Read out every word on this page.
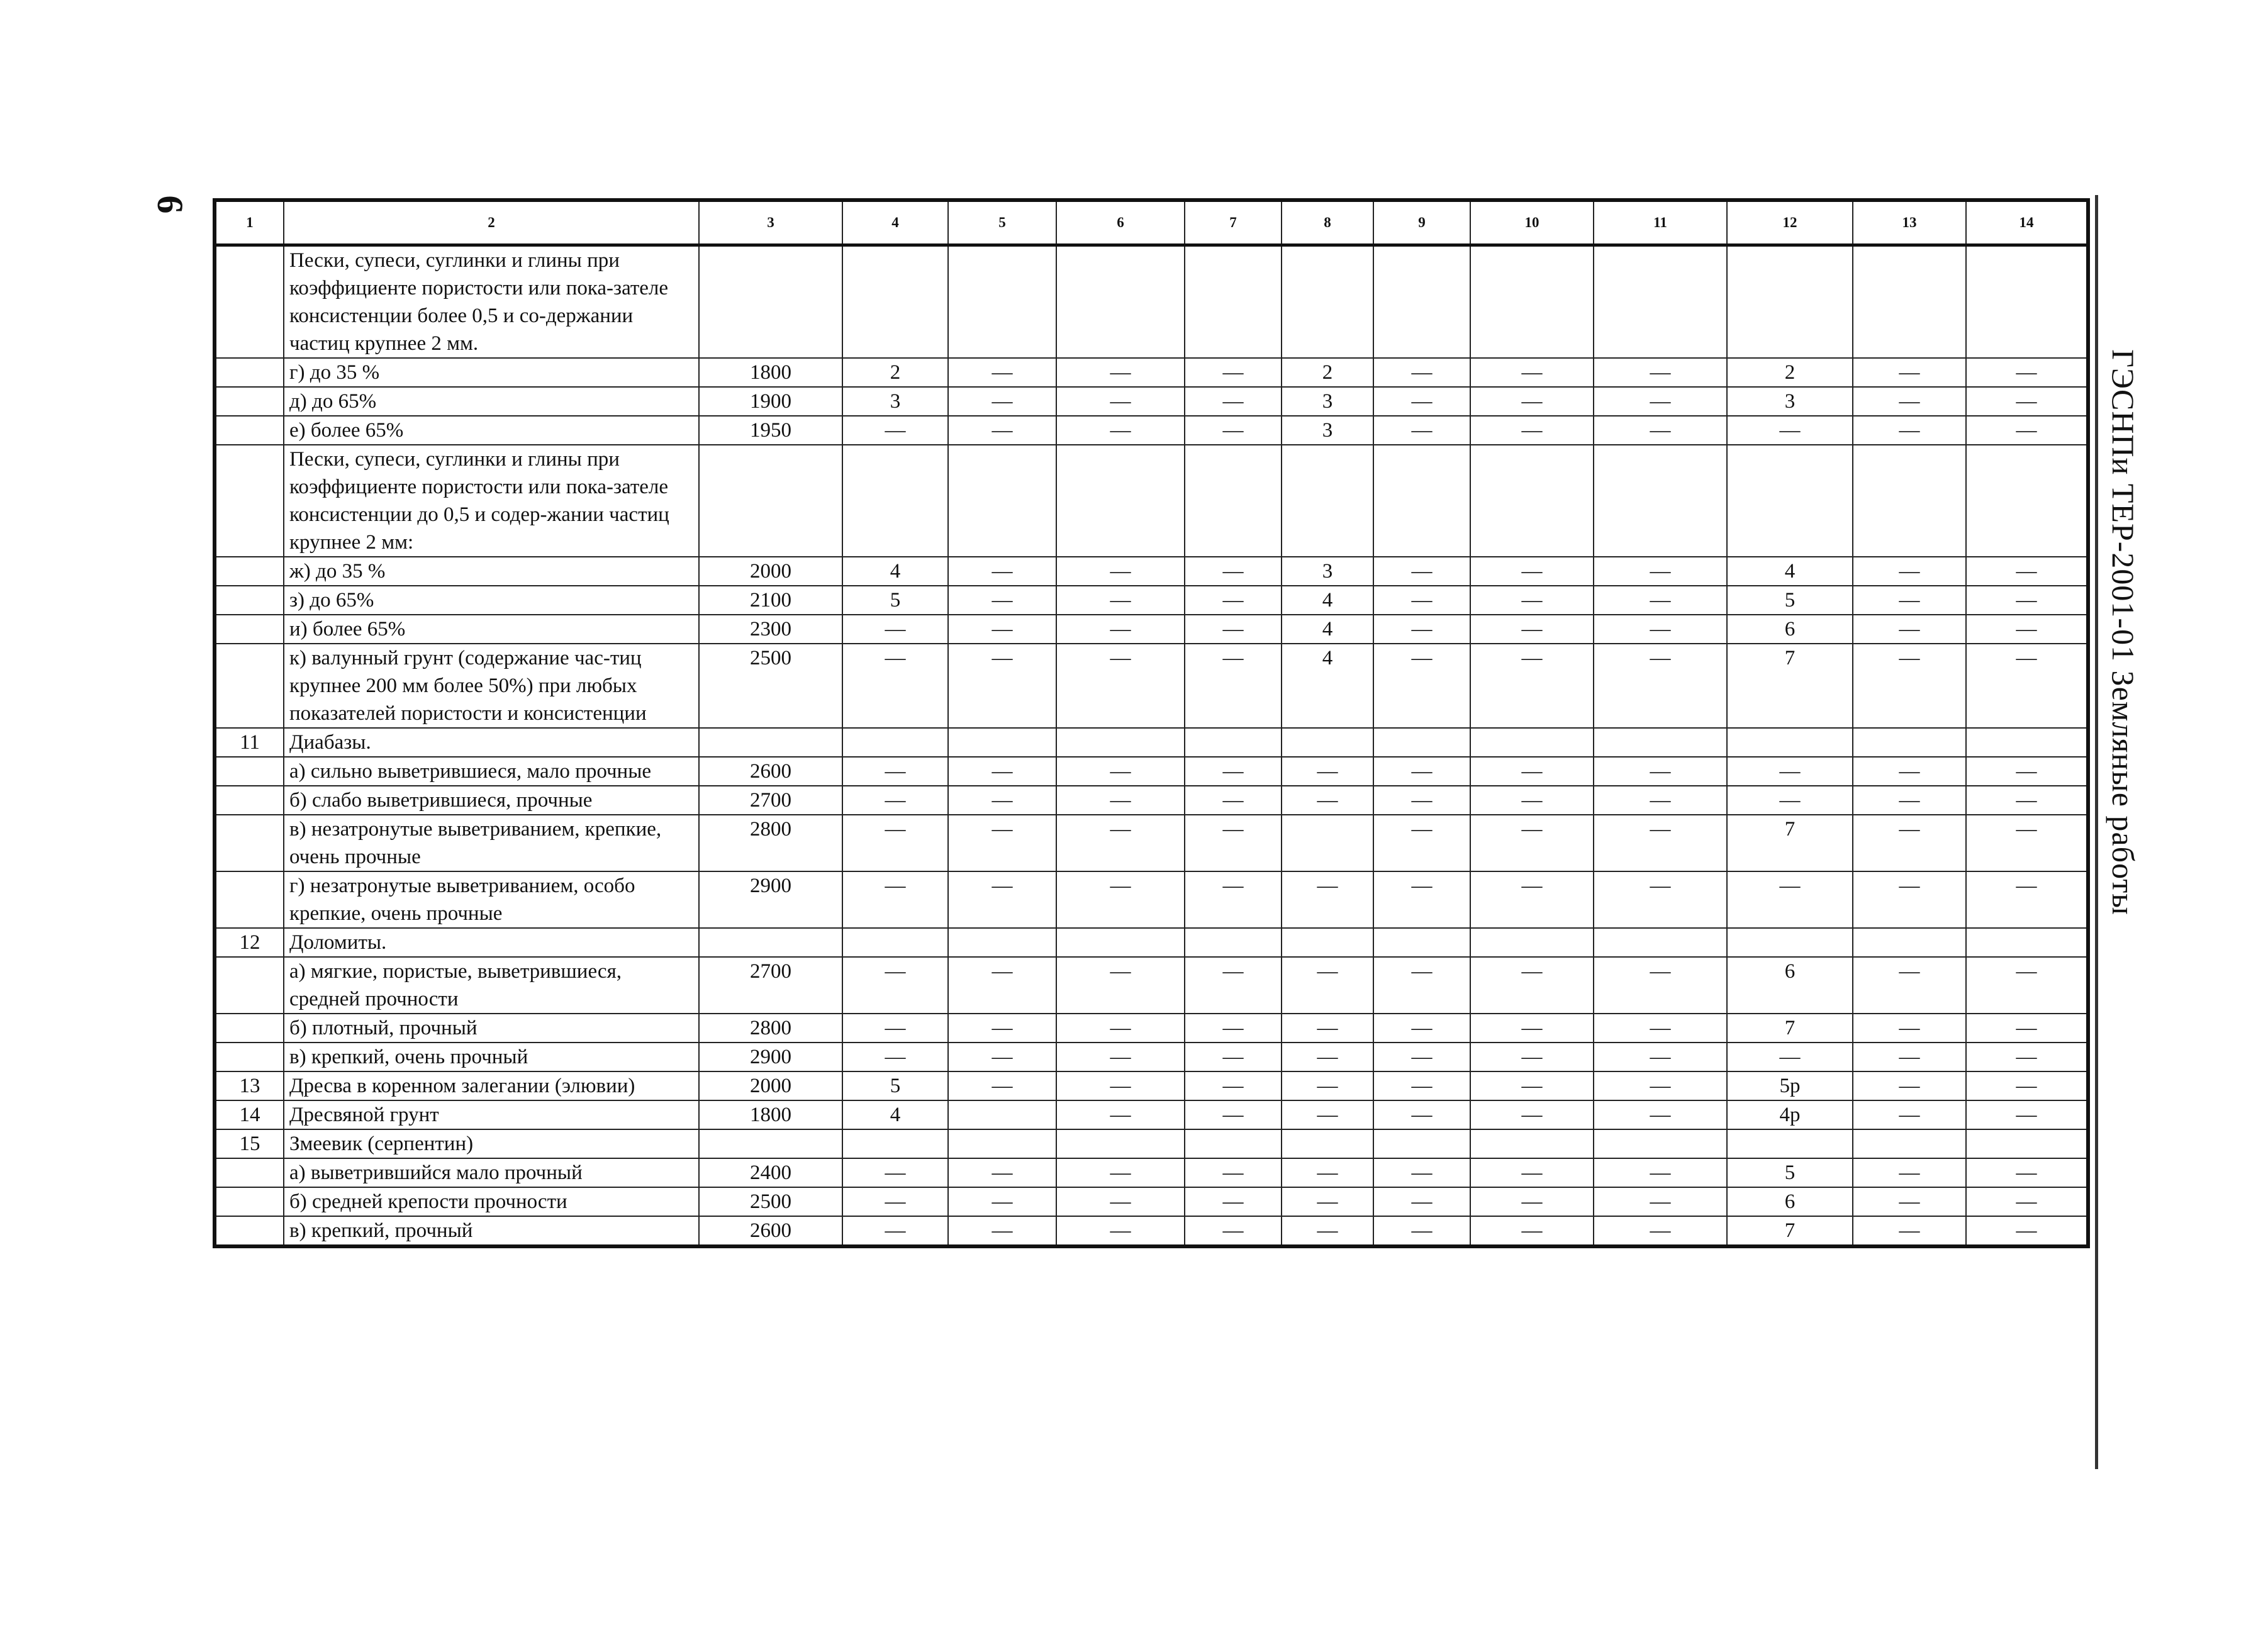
6
ГЭСНПи ТЕР-2001-01 Земляные работы
1	2	3	4	5	6	7	8	9	10	11	12	13	14
	Пески, супеси, суглинки и глины при коэффициенте пористости или пока-зателе консистенции более 0,5 и со-держании частиц крупнее 2 мм.												
	г) до 35 %	1800	2	—	—	—	2	—	—	—	2	—	—
	д) до 65%	1900	3	—	—	—	3	—	—	—	3	—	—
	е) более 65%	1950	—	—	—	—	3	—	—	—	—	—	—
	Пески, супеси, суглинки и глины при коэффициенте пористости или пока-зателе консистенции до 0,5 и содер-жании частиц крупнее 2 мм:												
	ж) до 35 %	2000	4	—	—	—	3	—	—	—	4	—	—
	з) до 65%	2100	5	—	—	—	4	—	—	—	5	—	—
	и) более 65%	2300	—	—	—	—	4	—	—	—	6	—	—
	к) валунный грунт (содержание час-тиц крупнее 200 мм более 50%) при любых показателей пористости и консистенции	2500	—	—	—	—	4	—	—	—	7	—	—
11	Диабазы.												
	а) сильно выветрившиеся, мало прочные	2600	—	—	—	—	—	—	—	—	—	—	—
	б) слабо выветрившиеся, прочные	2700	—	—	—	—	—	—	—	—	—	—	—
	в) незатронутые выветриванием, крепкие, очень прочные	2800	—	—	—	—		—	—	—	7	—	—
	г) незатронутые выветриванием, особо крепкие, очень прочные	2900	—	—	—	—	—	—	—	—	—	—	—
12	Доломиты.												
	а) мягкие, пористые, выветрившиеся, средней прочности	2700	—	—	—	—	—	—	—	—	6	—	—
	б) плотный, прочный	2800	—	—	—	—	—	—	—	—	7	—	—
	в) крепкий, очень прочный	2900	—	—	—	—	—	—	—	—	—	—	—
13	Дресва в коренном залегании (элювии)	2000	5	—	—	—	—	—	—	—	5р	—	—
14	Дресвяной грунт	1800	4		—	—	—	—	—	—	4р	—	—
15	Змеевик (серпентин)												
	а) выветрившийся мало прочный	2400	—	—	—	—	—	—	—	—	5	—	—
	б) средней крепости прочности	2500	—	—	—	—	—	—	—	—	6	—	—
	в) крепкий, прочный	2600	—	—	—	—	—	—	—	—	7	—	—
